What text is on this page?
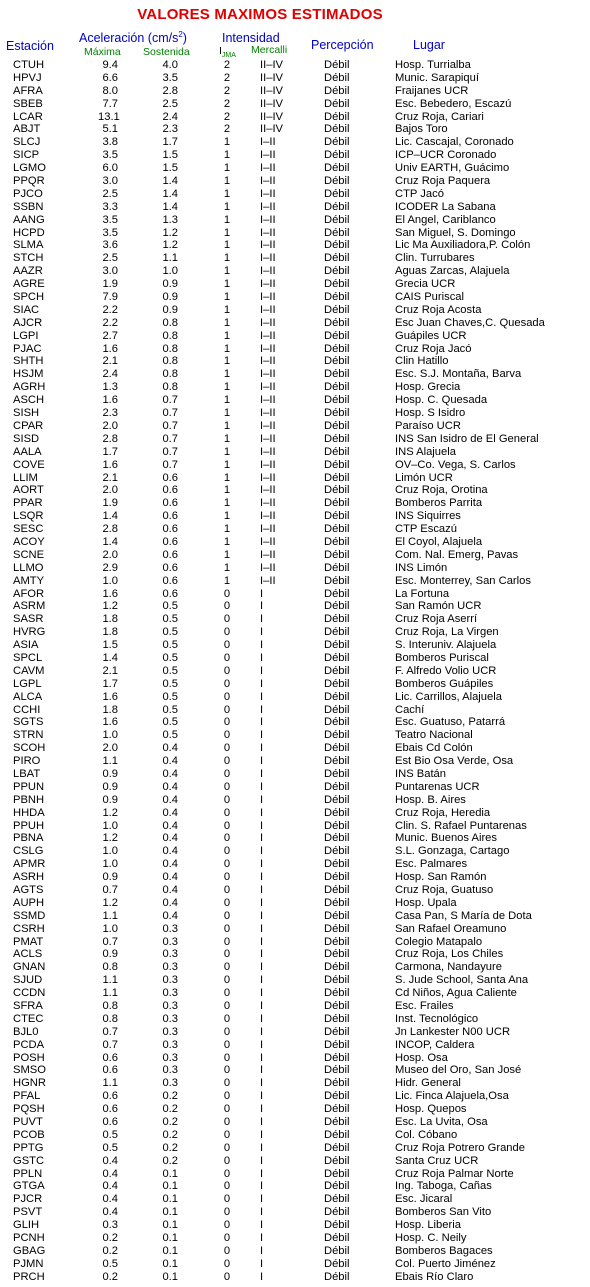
VALORES MAXIMOS ESTIMADOS
Estación
Aceleración $(cm/s^2)$
Máxima Sostenida
Intensidad
$I_{JMA}$ Mercalli Percepción	Lugar
CTUH	9.4	4.0	2	II–IV	Débil	Hosp. Turrialba
HPVJ	6.6	3.5	2	II–IV	Débil	Munic. Sarapiquí
AFRA	8.0	2.8	2	II–IV	Débil	Fraijanes UCR
SBEB	7.7	2.5	2	II–IV	Débil	Esc. Bebedero, Escazú
LCAR	13.1	2.4	2	II–IV	Débil	Cruz Roja, Cariari
ABJT	5.1	2.3	2	II–IV	Débil	Bajos Toro
SLCJ	3.8	1.7	1	I–II	Débil	Lic. Cascajal, Coronado
SICP	3.5	1.5	1	I–II	Débil	ICP–UCR Coronado
LGMO	6.0	1.5	1	I–II	Débil	Univ EARTH, Guácimo
PPQR	3.0	1.4	1	I–II	Débil	Cruz Roja Paquera
PJCO	2.5	1.4	1	I–II	Débil	CTP Jacó
SSBN	3.3	1.4	1	I–II	Débil	ICODER La Sabana
AANG	3.5	1.3	1	I–II	Débil	El Angel, Cariblanco
HCPD	3.5	1.2	1	I–II	Débil	San Miguel, S. Domingo
SLMA	3.6	1.2	1	I–II	Débil	Lic Ma Auxiliadora,P. Colón
STCH	2.5	1.1	1	I–II	Débil	Clin. Turrubares
AAZR	3.0	1.0	1	I–II	Débil	Aguas Zarcas, Alajuela
AGRE	1.9	0.9	1	I–II	Débil	Grecia UCR
SPCH	7.9	0.9	1	I–II	Débil	CAIS Puriscal
SIAC	2.2	0.9	1	I–II	Débil	Cruz Roja Acosta
AJCR	2.2	0.8	1	I–II	Débil	Esc Juan Chaves,C. Quesada
LGPI	2.7	0.8	1	I–II	Débil	Guápiles UCR
PJAC	1.6	0.8	1	I–II	Débil	Cruz Roja Jacó
SHTH	2.1	0.8	1	I–II	Débil	Clin Hatillo
HSJM	2.4	0.8	1	I–II	Débil	Esc. S.J. Montaña, Barva
AGRH	1.3	0.8	1	I–II	Débil	Hosp. Grecia
ASCH	1.6	0.7	1	I–II	Débil	Hosp. C. Quesada
SISH	2.3	0.7	1	I–II	Débil	Hosp. S Isidro
CPAR	2.0	0.7	1	I–II	Débil	Paraíso UCR
SISD	2.8	0.7	1	I–II	Débil	INS San Isidro de El General
AALA	1.7	0.7	1	I–II	Débil	INS Alajuela
COVE	1.6	0.7	1	I–II	Débil	OV–Co. Vega, S. Carlos
LLIM	2.1	0.6	1	I–II	Débil	Limón UCR
AORT	2.0	0.6	1	I–II	Débil	Cruz Roja, Orotina
PPAR	1.9	0.6	1	I–II	Débil	Bomberos Parrita
LSQR	1.4	0.6	1	I–II	Débil	INS Siquirres
SESC	2.8	0.6	1	I–II	Débil	CTP Escazú
ACOY	1.4	0.6	1	I–II	Débil	El Coyol, Alajuela
SCNE	2.0	0.6	1	I–II	Débil	Com. Nal. Emerg, Pavas
LLMO	2.9	0.6	1	I–II	Débil	INS Limón
AMTY	1.0	0.6	1	I–II	Débil	Esc. Monterrey, San Carlos
AFOR	1.6	0.6	0	I	Débil	La Fortuna
ASRM	1.2	0.5	0	I	Débil	San Ramón UCR
SASR	1.8	0.5	0	I	Débil	Cruz Roja Aserrí
HVRG	1.8	0.5	0	I	Débil	Cruz Roja, La Virgen
ASIA	1.5	0.5	0	I	Débil	S. Interuniv. Alajuela
SPCL	1.4	0.5	0	I	Débil	Bomberos Puriscal
CAVM	2.1	0.5	0	I	Débil	F. Alfredo Volio UCR
LGPL	1.7	0.5	0	I	Débil	Bomberos Guápiles
ALCA	1.6	0.5	0	I	Débil	Lic. Carrillos, Alajuela
CCHI	1.8	0.5	0	I	Débil	Cachí
SGTS	1.6	0.5	0	I	Débil	Esc. Guatuso, Patarrá
STRN	1.0	0.5	0	I	Débil	Teatro Nacional
SCOH	2.0	0.4	0	I	Débil	Ebais Cd Colón
PIRO	1.1	0.4	0	I	Débil	Est Bio Osa Verde, Osa
LBAT	0.9	0.4	0	I	Débil	INS Batán
PPUN	0.9	0.4	0	I	Débil	Puntarenas UCR
PBNH	0.9	0.4	0	I	Débil	Hosp. B. Aires
HHDA	1.2	0.4	0	I	Débil	Cruz Roja, Heredia
PPUH	1.0	0.4	0	I	Débil	Clin. S. Rafael Puntarenas
PBNA	1.2	0.4	0	I	Débil	Munic. Buenos Aires
CSLG	1.0	0.4	0	I	Débil	S.L. Gonzaga, Cartago
APMR	1.0	0.4	0	I	Débil	Esc. Palmares
ASRH	0.9	0.4	0	I	Débil	Hosp. San Ramón
AGTS	0.7	0.4	0	I	Débil	Cruz Roja, Guatuso
AUPH	1.2	0.4	0	I	Débil	Hosp. Upala
SSMD	1.1	0.4	0	I	Débil	Casa Pan, S María de Dota
CSRH	1.0	0.3	0	I	Débil	San Rafael Oreamuno
PMAT	0.7	0.3	0	I	Débil	Colegio Matapalo
ACLS	0.9	0.3	0	I	Débil	Cruz Roja, Los Chiles
GNAN	0.8	0.3	0	I	Débil	Carmona, Nandayure
SJUD	1.1	0.3	0	I	Débil	S. Jude School, Santa Ana
CCDN	1.1	0.3	0	I	Débil	Cd Niños, Agua Caliente
SFRA	0.8	0.3	0	I	Débil	Esc. Frailes
CTEC	0.8	0.3	0	I	Débil	Inst. Tecnológico
BJL0	0.7	0.3	0	I	Débil	Jn Lankester N00 UCR
PCDA	0.7	0.3	0	I	Débil	INCOP, Caldera
POSH	0.6	0.3	0	I	Débil	Hosp. Osa
SMSO	0.6	0.3	0	I	Débil	Museo del Oro, San José
HGNR	1.1	0.3	0	I	Débil	Hidr. General
PFAL	0.6	0.2	0	I	Débil	Lic. Finca Alajuela,Osa
PQSH	0.6	0.2	0	I	Débil	Hosp. Quepos
PUVT	0.6	0.2	0	I	Débil	Esc. La Uvita, Osa
PCOB	0.5	0.2	0	I	Débil	Col. Cóbano
PPTG	0.5	0.2	0	I	Débil	Cruz Roja Potrero Grande
GSTC	0.4	0.2	0	I	Débil	Santa Cruz UCR
PPLN	0.4	0.1	0	I	Débil	Cruz Roja Palmar Norte
GTGA	0.4	0.1	0	I	Débil	Ing. Taboga, Cañas
PJCR	0.4	0.1	0	I	Débil	Esc. Jicaral
PSVT	0.4	0.1	0	I	Débil	Bomberos San Vito
GLIH	0.3	0.1	0	I	Débil	Hosp. Liberia
PCNH	0.2	0.1	0	I	Débil	Hosp. C. Neily
GBAG	0.2	0.1	0	I	Débil	Bomberos Bagaces
PJMN	0.5	0.1	0	I	Débil	Col. Puerto Jiménez
PRCH	0.2	0.1	0	I	Débil	Ebais Río Claro
